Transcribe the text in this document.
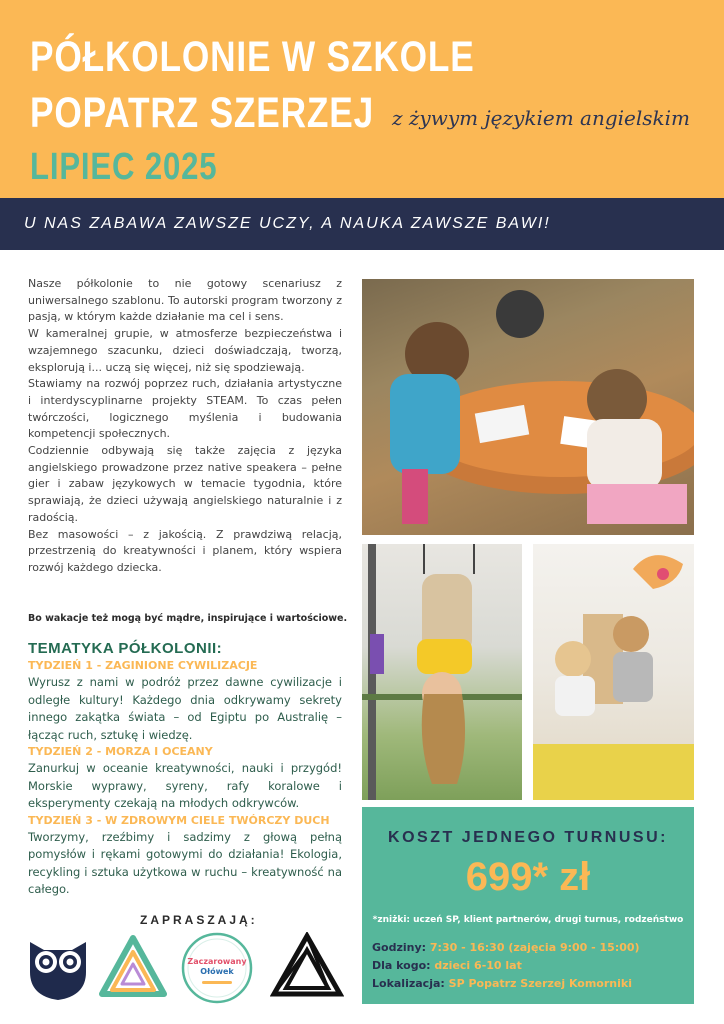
PÓŁKOLONIE W SZKOLE
POPATRZ SZERZEJ
LIPIEC 2025
z żywym językiem angielskim
U NAS ZABAWA ZAWSZE UCZY, A NAUKA ZAWSZE BAWI!

Nasze półkolonie to nie gotowy scenariusz z uniwersalnego szablonu. To autorski program tworzony z pasją, w którym każde działanie ma cel i sens.

W kameralnej grupie, w atmosferze bezpieczeństwa i wzajemnego szacunku, dzieci doświadczają, tworzą, eksplorują i... uczą się więcej, niż się spodziewają.

Stawiamy na rozwój poprzez ruch, działania artystyczne i interdyscyplinarne projekty STEAM. To czas pełen twórczości, logicznego myślenia i budowania kompetencji społecznych.

Codziennie odbywają się także zajęcia z języka angielskiego prowadzone przez native speakera – pełne gier i zabaw językowych w temacie tygodnia, które sprawiają, że dzieci używają angielskiego naturalnie i z radością.

Bez masowości – z jakością. Z prawdziwą relacją, przestrzenią do kreatywności i planem, który wspiera rozwój każdego dziecka.

Bo wakacje też mogą być mądre, inspirujące i wartościowe.
TEMATYKA PÓŁKOLONII:
TYDZIEŃ 1 - ZAGINIONE CYWILIZACJE

Wyrusz z nami w podróż przez dawne cywilizacje i odległe kultury! Każdego dnia odkrywamy sekrety innego zakątka świata – od Egiptu po Australię – łącząc ruch, sztukę i wiedzę.

TYDZIEŃ 2 - MORZA I OCEANY

Zanurkuj w oceanie kreatywności, nauki i przygód! Morskie wyprawy, syreny, rafy koralowe i eksperymenty czekają na młodych odkrywców.

TYDZIEŃ 3 - W ZDROWYM CIELE TWÓRCZY DUCH

Tworzymy, rzeźbimy i sadzimy z głową pełną pomysłów i rękami gotowymi do działania! Ekologia, recykling i sztuka użytkowa w ruchu – kreatywność na całego.

ZAPRASZAJĄ:
Zaczarowany
Ołówek
KOSZT JEDNEGO TURNUSU:
699* zł
*zniżki: uczeń SP, klient partnerów, drugi turnus, rodzeństwo
Godziny: 7:30 - 16:30 (zajęcia 9:00 - 15:00)
Dla kogo: dzieci 6-10 lat
Lokalizacja: SP Popatrz Szerzej Komorniki
